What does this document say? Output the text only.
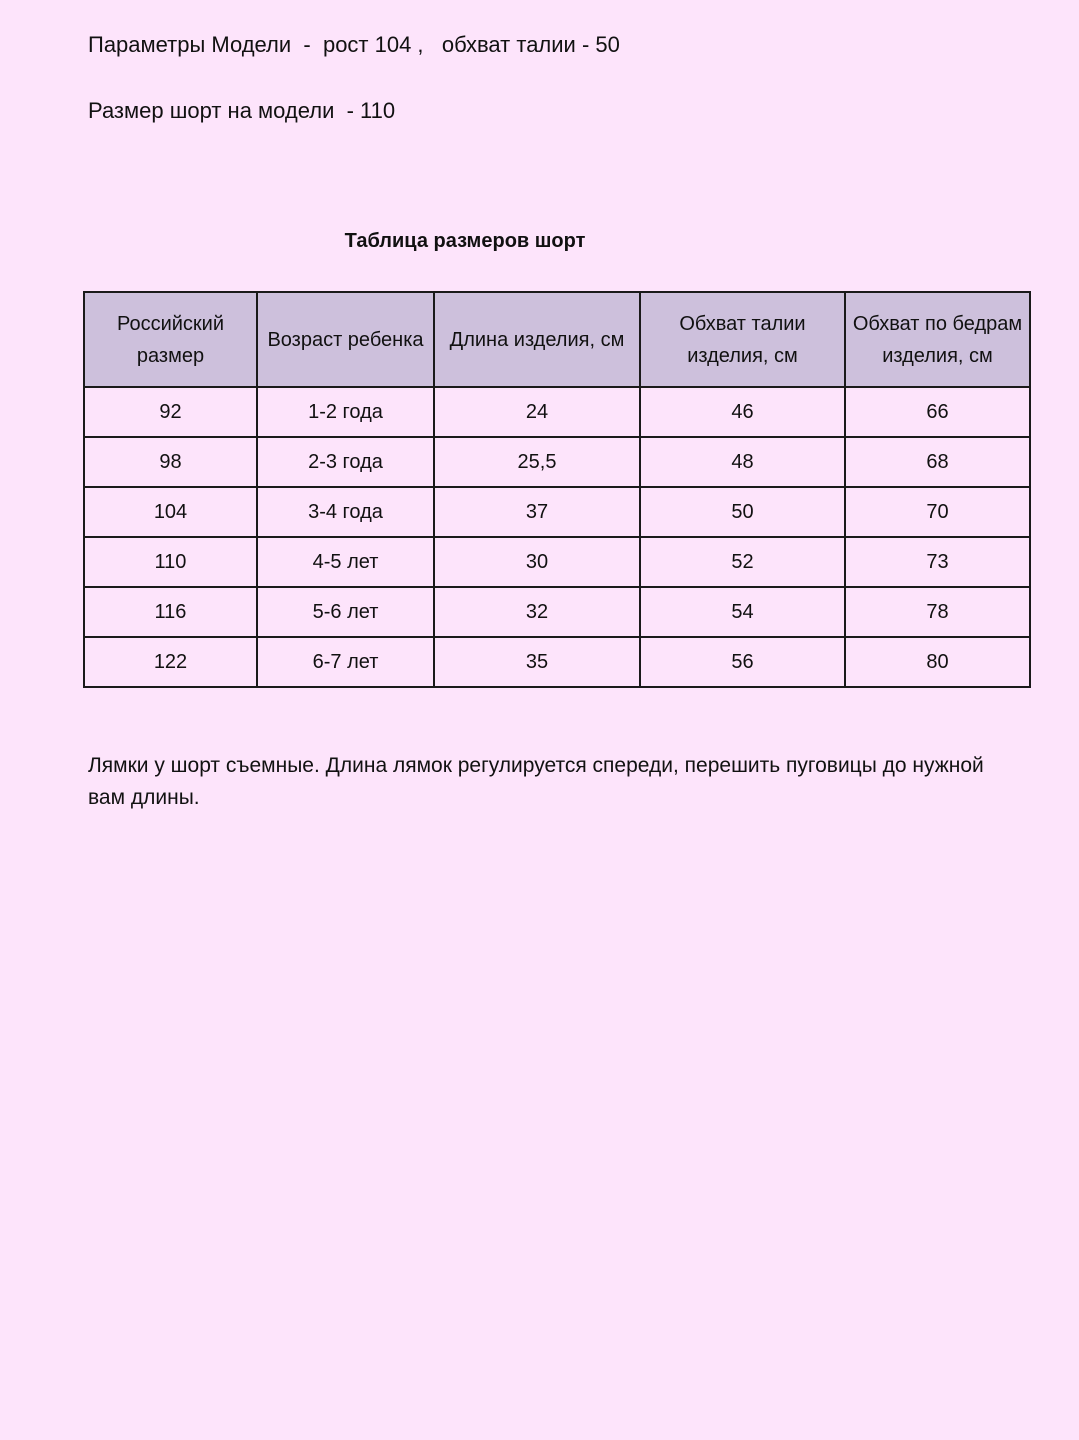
Параметры Модели  -  рост 104 ,   обхват талии - 50

Размер шорт на модели  - 110

Таблица размеров шорт
Российский размер	Возраст ребенка	Длина изделия, см	Обхват талии изделия, см	Обхват по бедрам изделия, см
92	1-2 года	24	46	66
98	2-3 года	25,5	48	68
104	3-4 года	37	50	70
110	4-5 лет	30	52	73
116	5-6 лет	32	54	78
122	6-7 лет	35	56	80

Лямки у шорт съемные. Длина лямок регулируется спереди, перешить пуговицы до нужной вам длины.
